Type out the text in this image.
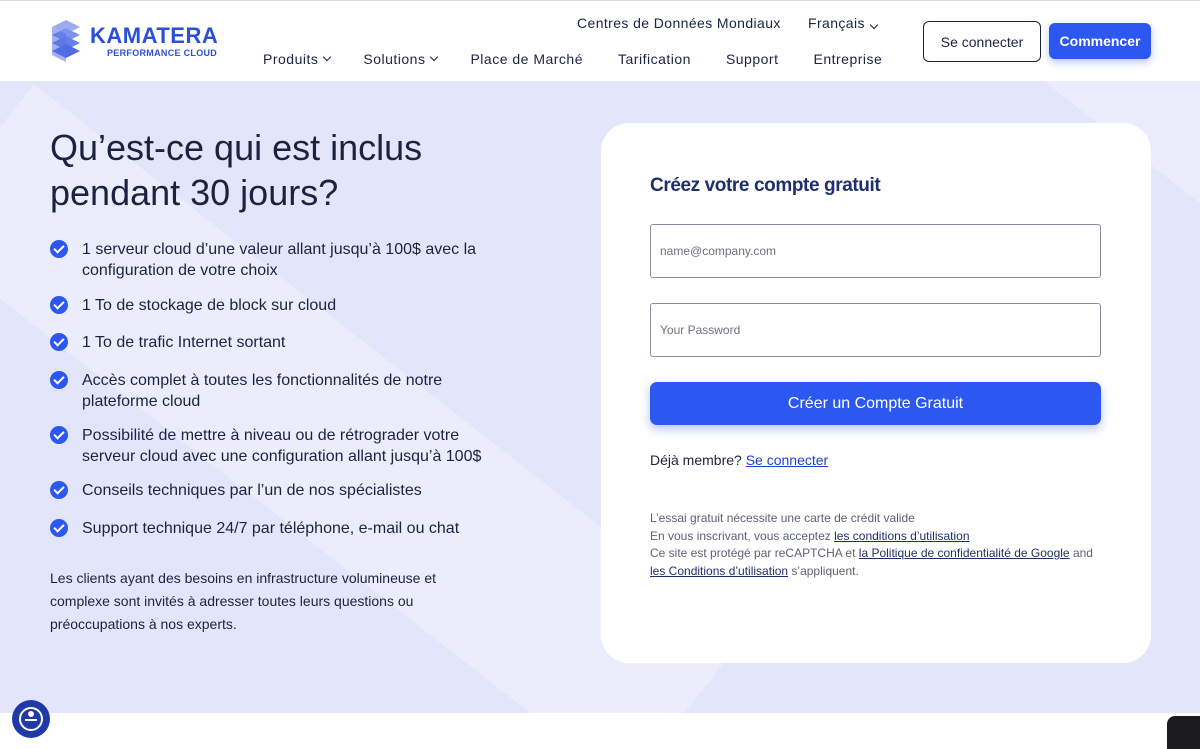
KAMATERA
PERFORMANCE CLOUD
Centres de Données Mondiaux Français
Produits	Solutions	Place de Marché	Tarification	Support	Entreprise
Se connecter	Commencer
Qu’est-ce qui est inclus
pendant 30 jours?
1 serveur cloud d’une valeur allant jusqu’à 100$ avec la configuration de votre choix
1 To de stockage de block sur cloud
1 To de trafic Internet sortant
Accès complet à toutes les fonctionnalités de notre plateforme cloud
Possibilité de mettre à niveau ou de rétrograder votre serveur cloud avec une configuration allant jusqu’à 100$
Conseils techniques par l’un de nos spécialistes
Support technique 24/7 par téléphone, e-mail ou chat

Les clients ayant des besoins en infrastructure volumineuse et complexe sont invités à adresser toutes leurs questions ou préoccupations à nos experts.

Créez votre compte gratuit
name@company.com
Créer un Compte Gratuit
Déjà membre? Se connecter
L’essai gratuit nécessite une carte de crédit valide
En vous inscrivant, vous acceptez les conditions d’utilisation
Ce site est protégé par reCAPTCHA et la Politique de confidentialité de Google and
les Conditions d’utilisation s’appliquent.
